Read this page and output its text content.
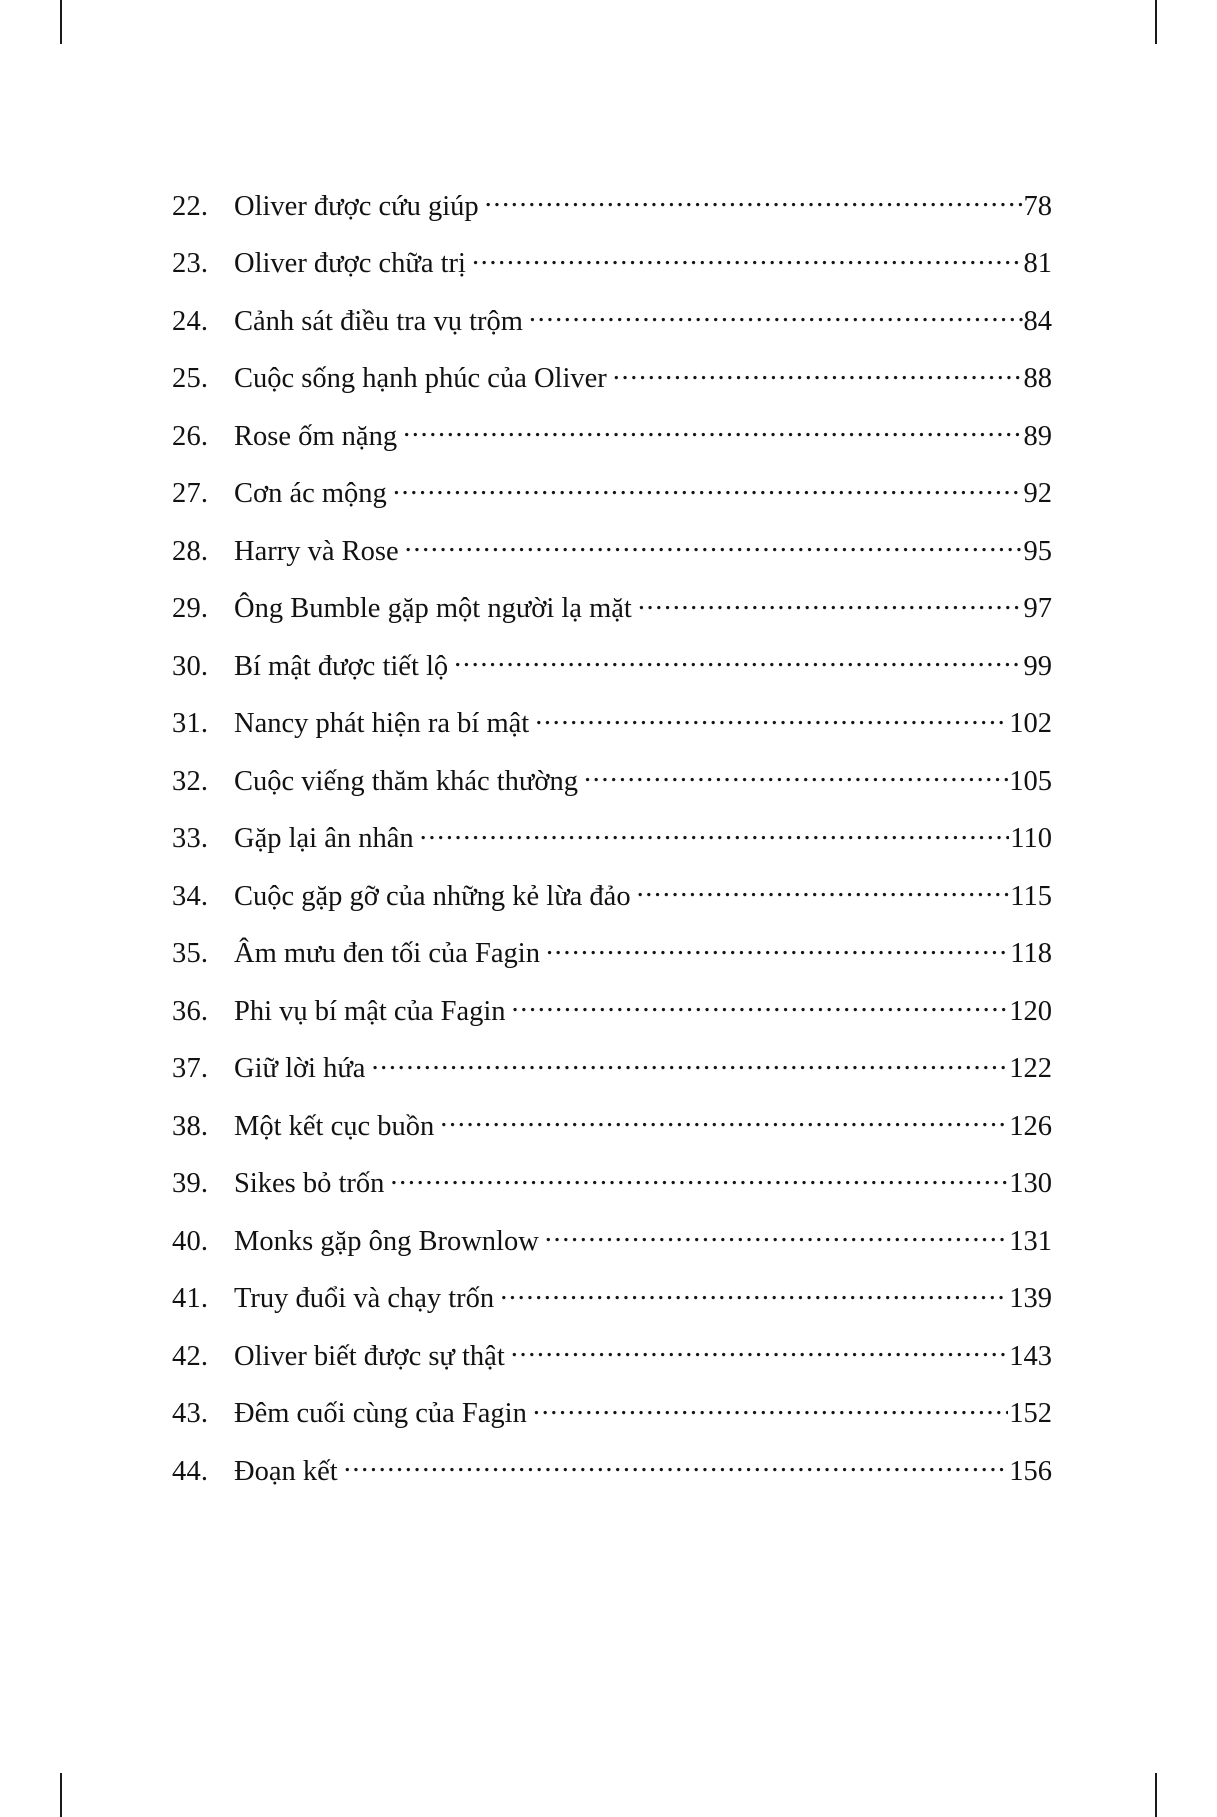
22. Oliver được cứu giúp .....	78
23. Oliver được chữa trị .....	81
24. Cảnh sát điều tra vụ trộm .....	84
25. Cuộc sống hạnh phúc của Oliver .....	88
26. Rose ốm nặng .....	89
27. Cơn ác mộng .....	92
28. Harry và Rose .....	95
29. Ông Bumble gặp một người lạ mặt .....	97
30. Bí mật được tiết lộ .....	99
31. Nancy phát hiện ra bí mật .....	102
32. Cuộc viếng thăm khác thường .....	105
33. Gặp lại ân nhân .....	110
34. Cuộc gặp gỡ của những kẻ lừa đảo .....	115
35. Âm mưu đen tối của Fagin .....	118
36. Phi vụ bí mật của Fagin .....	120
37. Giữ lời hứa .....	122
38. Một kết cục buồn .....	126
39. Sikes bỏ trốn .....	130
40. Monks gặp ông Brownlow .....	131
41. Truy đuổi và chạy trốn .....	139
42. Oliver biết được sự thật .....	143
43. Đêm cuối cùng của Fagin .....	152
44. Đoạn kết .....	156
